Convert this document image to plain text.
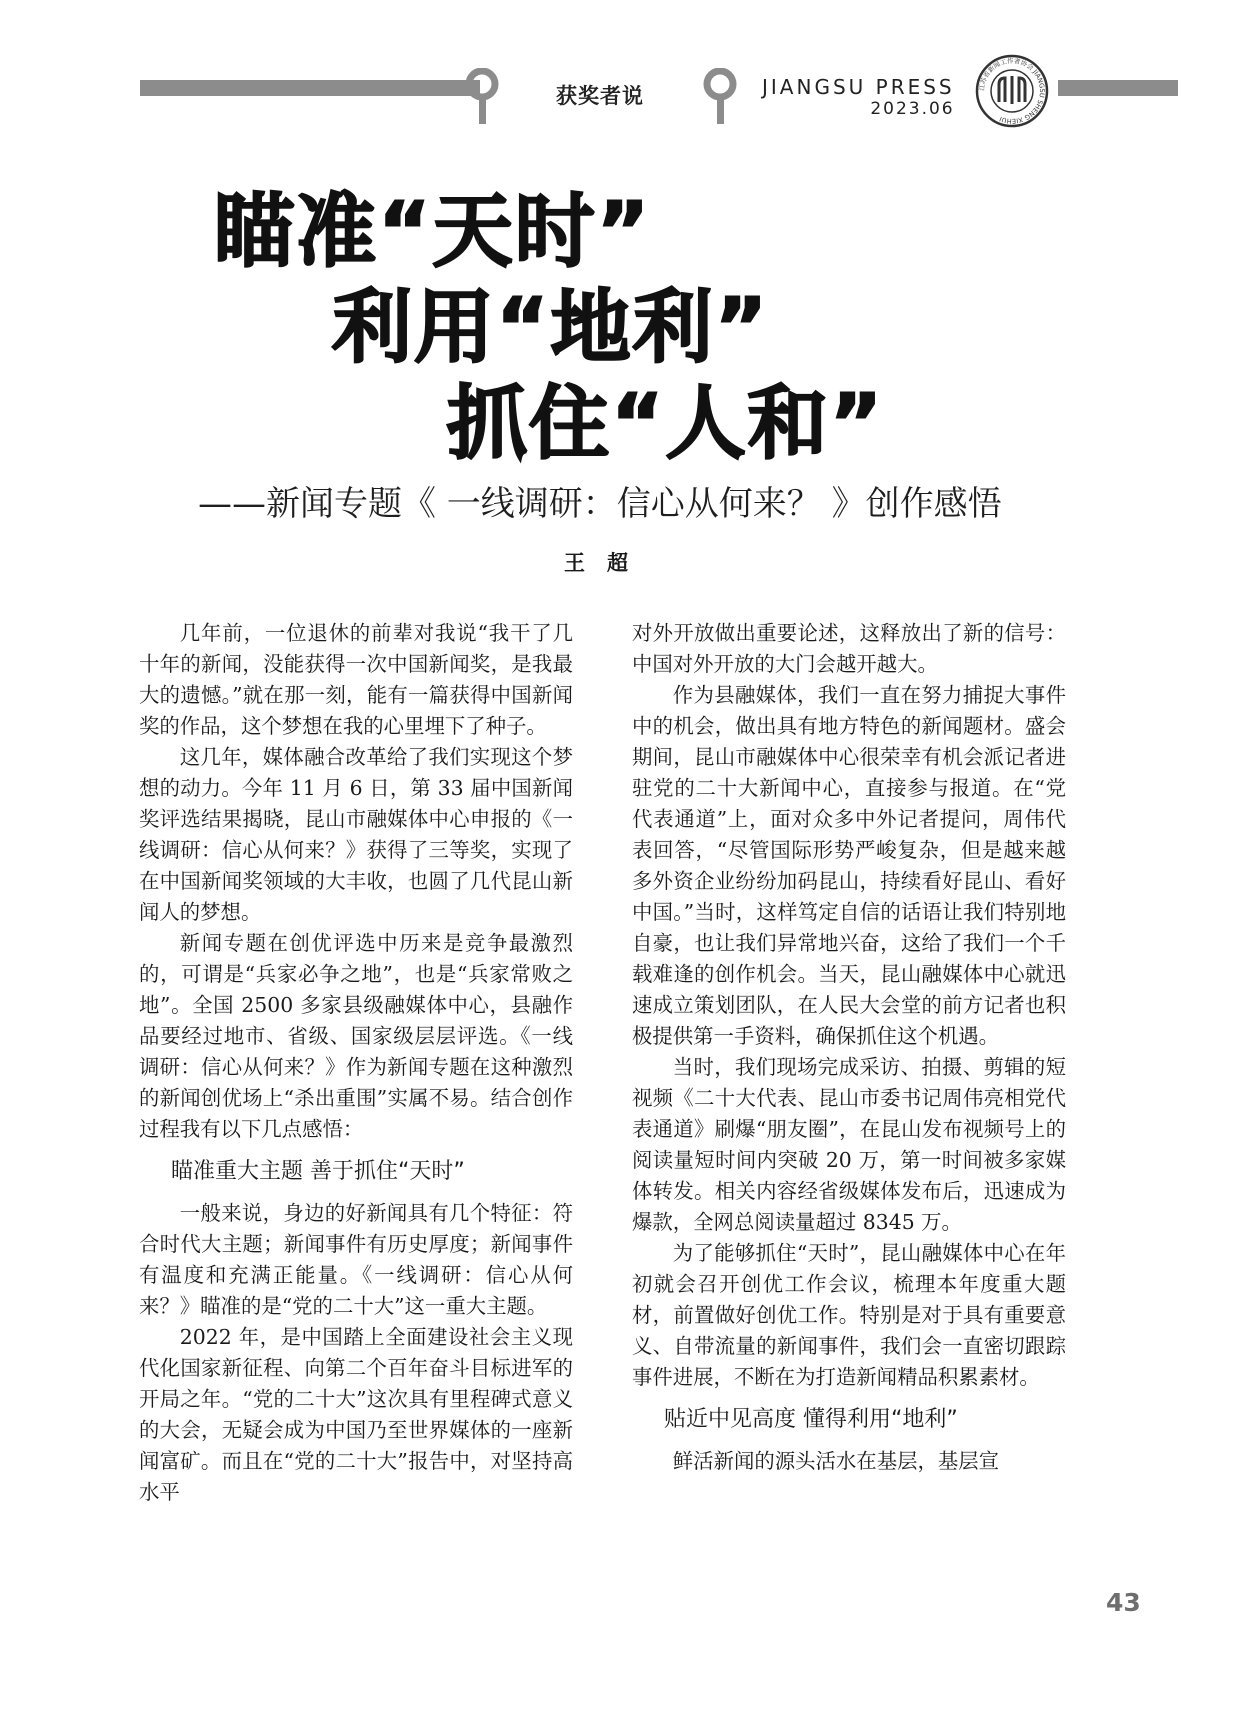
获奖者说	JIANGSU PRESS
2023.06
江苏省新闻工作者协会 JIANGSU SHENG XIEHUI
瞄准“天时”
利用“地利”
抓住“人和”
——新闻专题《 一线调研：信心从何来？ 》创作感悟
王超

几年前，一位退休的前辈对我说“我干了几十年的新闻，没能获得一次中国新闻奖，是我最大的遗憾。”就在那一刻，能有一篇获得中国新闻奖的作品，这个梦想在我的心里埋下了种子。

这几年，媒体融合改革给了我们实现这个梦想的动力。今年 11 月 6 日，第 33 届中国新闻奖评选结果揭晓，昆山市融媒体中心申报的《一线调研：信心从何来？》获得了三等奖，实现了在中国新闻奖领域的大丰收，也圆了几代昆山新闻人的梦想。

新闻专题在创优评选中历来是竞争最激烈的，可谓是“兵家必争之地”，也是“兵家常败之地”。全国 2500 多家县级融媒体中心，县融作品要经过地市、省级、国家级层层评选。《一线调研：信心从何来？》作为新闻专题在这种激烈的新闻创优场上“杀出重围”实属不易。结合创作过程我有以下几点感悟：

瞄准重大主题 善于抓住“天时”

一般来说，身边的好新闻具有几个特征：符合时代大主题；新闻事件有历史厚度；新闻事件有温度和充满正能量。《一线调研：信心从何来？》瞄准的是“党的二十大”这一重大主题。

2022 年，是中国踏上全面建设社会主义现代化国家新征程、向第二个百年奋斗目标进军的开局之年。“党的二十大”这次具有里程碑式意义的大会，无疑会成为中国乃至世界媒体的一座新闻富矿。而且在“党的二十大”报告中，对坚持高水平

对外开放做出重要论述，这释放出了新的信号：中国对外开放的大门会越开越大。

作为县融媒体，我们一直在努力捕捉大事件中的机会，做出具有地方特色的新闻题材。盛会期间，昆山市融媒体中心很荣幸有机会派记者进驻党的二十大新闻中心，直接参与报道。在“党代表通道”上，面对众多中外记者提问，周伟代表回答，“尽管国际形势严峻复杂，但是越来越多外资企业纷纷加码昆山，持续看好昆山、看好中国。”当时，这样笃定自信的话语让我们特别地自豪，也让我们异常地兴奋，这给了我们一个千载难逢的创作机会。当天，昆山融媒体中心就迅速成立策划团队，在人民大会堂的前方记者也积极提供第一手资料，确保抓住这个机遇。

当时，我们现场完成采访、拍摄、剪辑的短视频《二十大代表、昆山市委书记周伟亮相党代表通道》刷爆“朋友圈”，在昆山发布视频号上的阅读量短时间内突破 20 万，第一时间被多家媒体转发。相关内容经省级媒体发布后，迅速成为爆款，全网总阅读量超过 8345 万。

为了能够抓住“天时”，昆山融媒体中心在年初就会召开创优工作会议，梳理本年度重大题材，前置做好创优工作。特别是对于具有重要意义、自带流量的新闻事件，我们会一直密切跟踪事件进展，不断在为打造新闻精品积累素材。

贴近中见高度 懂得利用“地利”

鲜活新闻的源头活水在基层，基层宣

43
